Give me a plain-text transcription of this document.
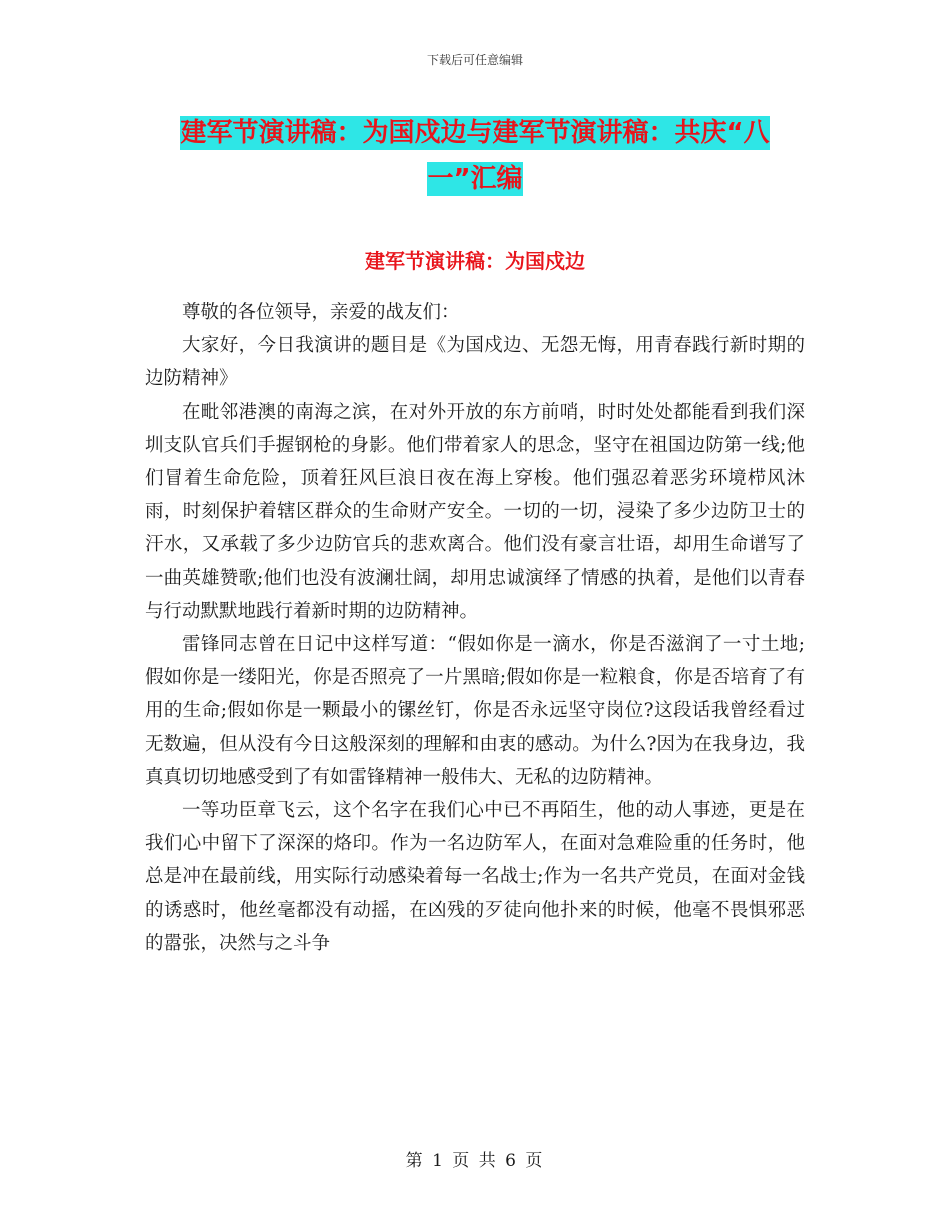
下载后可任意编辑
建军节演讲稿：为国戍边与建军节演讲稿：共庆“八
一”汇编
建军节演讲稿：为国戍边

尊敬的各位领导，亲爱的战友们：

大家好，今日我演讲的题目是《为国戍边、无怨无悔，用青春践行新时期的边防精神》

在毗邻港澳的南海之滨，在对外开放的东方前哨，时时处处都能看到我们深圳支队官兵们手握钢枪的身影。他们带着家人的思念，坚守在祖国边防第一线;他们冒着生命危险，顶着狂风巨浪日夜在海上穿梭。他们强忍着恶劣环境栉风沐雨，时刻保护着辖区群众的生命财产安全。一切的一切，浸染了多少边防卫士的汗水，又承载了多少边防官兵的悲欢离合。他们没有豪言壮语，却用生命谱写了一曲英雄赞歌;他们也没有波澜壮阔，却用忠诚演绎了情感的执着，是他们以青春与行动默默地践行着新时期的边防精神。

雷锋同志曾在日记中这样写道：“假如你是一滴水，你是否滋润了一寸土地;假如你是一缕阳光，你是否照亮了一片黑暗;假如你是一粒粮食，你是否培育了有用的生命;假如你是一颗最小的镙丝钉，你是否永远坚守岗位?这段话我曾经看过无数遍，但从没有今日这般深刻的理解和由衷的感动。为什么?因为在我身边，我真真切切地感受到了有如雷锋精神一般伟大、无私的边防精神。

一等功臣章飞云，这个名字在我们心中已不再陌生，他的动人事迹，更是在我们心中留下了深深的烙印。作为一名边防军人，在面对急难险重的任务时，他总是冲在最前线，用实际行动感染着每一名战士;作为一名共产党员，在面对金钱的诱惑时，他丝毫都没有动摇，在凶残的歹徒向他扑来的时候，他毫不畏惧邪恶的嚣张，决然与之斗争

第 1 页 共 6 页
